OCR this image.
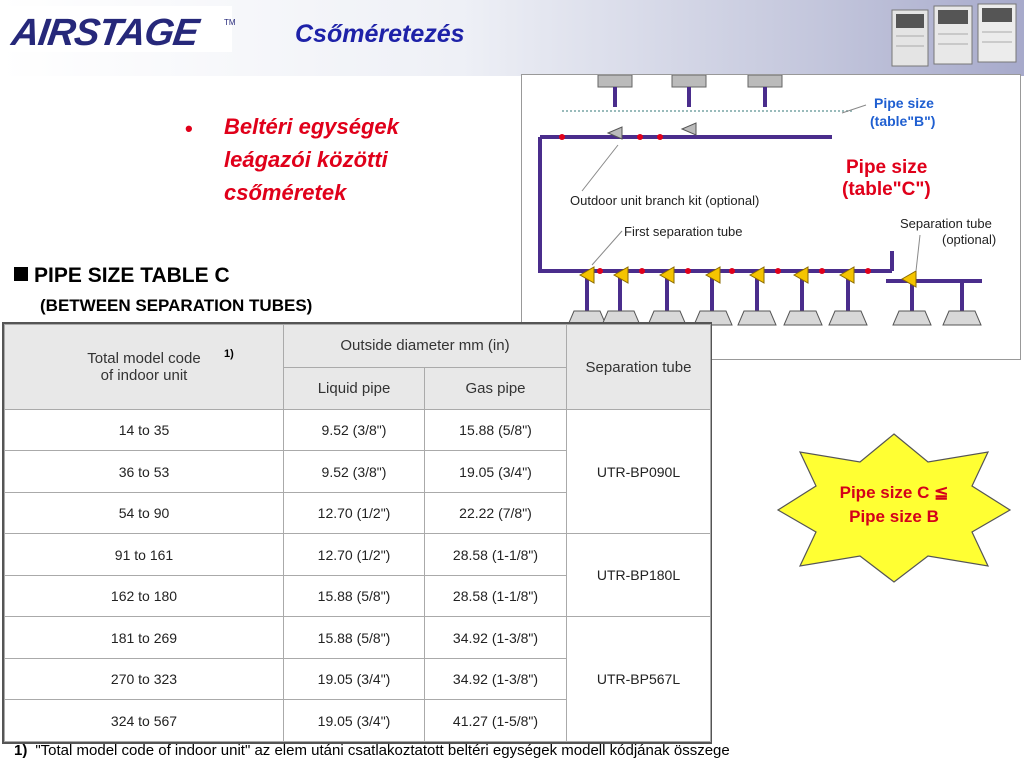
AIRSTAGE	TM Csőméretezés
• Beltéri egységek leágazói közötti csőméretek
PIPE SIZE TABLE C
(BETWEEN SEPARATION TUBES)
Pipe size
(table"B")
Pipe size
(table"C")
Outdoor unit branch kit (optional)
First separation tube
Separation tube
(optional)
Total model code
of indoor unit	Outside diameter mm (in)		Separation tube
	Liquid pipe	Gas pipe	
14 to 35	9.52 (3/8")	15.88 (5/8")	UTR-BP090L
36 to 53	9.52 (3/8")	19.05 (3/4")	
54 to 90	12.70 (1/2")	22.22 (7/8")	
91 to 161	12.70 (1/2")	28.58 (1-1/8")	UTR-BP180L
162 to 180	15.88 (5/8")	28.58 (1-1/8")	
181 to 269	15.88 (5/8")	34.92 (1-3/8")	UTR-BP567L
270 to 323	19.05 (3/4")	34.92 (1-3/8")	
324 to 567	19.05 (3/4")	41.27 (1-5/8")	
1)
Pipe size C ≦
Pipe size B
1) "Total model code of indoor unit" az elem utáni csatlakoztatott beltéri egységek modell kódjának összege
